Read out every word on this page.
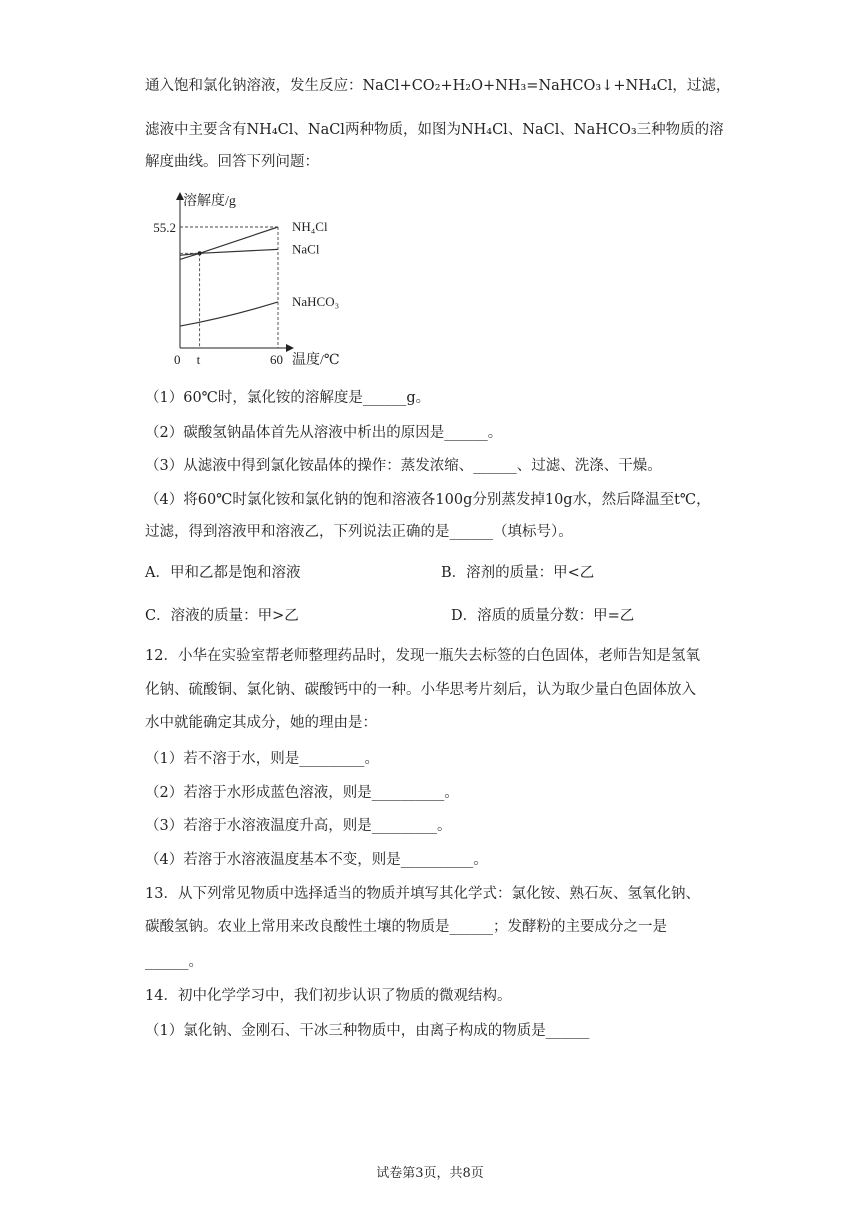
通入饱和氯化钠溶液，发生反应：NaCl+CO₂+H₂O+NH₃=NaHCO₃↓+NH₄Cl，过滤，
滤液中主要含有NH₄Cl、NaCl两种物质，如图为NH₄Cl、NaCl、NaHCO₃三种物质的溶
解度曲线。回答下列问题：
溶解度/g
温度/℃
NH₄Cl
NaCl
NaHCO₃
0 t	60
55.2
（1）60℃时，氯化铵的溶解度是______g。
（2）碳酸氢钠晶体首先从溶液中析出的原因是______。
（3）从滤液中得到氯化铵晶体的操作：蒸发浓缩、______、过滤、洗涤、干燥。
（4）将60℃时氯化铵和氯化钠的饱和溶液各100g分别蒸发掉10g水，然后降温至t℃，
过滤，得到溶液甲和溶液乙，下列说法正确的是______（填标号）。
A．甲和乙都是饱和溶液	B．溶剂的质量：甲<乙
C．溶液的质量：甲>乙	D．溶质的质量分数：甲=乙
12．小华在实验室帮老师整理药品时，发现一瓶失去标签的白色固体，老师告知是氢氧
化钠、硫酸铜、氯化钠、碳酸钙中的一种。小华思考片刻后，认为取少量白色固体放入
水中就能确定其成分，她的理由是：
（1）若不溶于水，则是_________。
（2）若溶于水形成蓝色溶液，则是__________。
（3）若溶于水溶液温度升高，则是_________。
（4）若溶于水溶液温度基本不变，则是__________。
13．从下列常见物质中选择适当的物质并填写其化学式：氯化铵、熟石灰、氢氧化钠、
碳酸氢钠。农业上常用来改良酸性土壤的物质是______；发酵粉的主要成分之一是
______。
14．初中化学学习中，我们初步认识了物质的微观结构。
（1）氯化钠、金刚石、干冰三种物质中，由离子构成的物质是______
试卷第3页，共8页
